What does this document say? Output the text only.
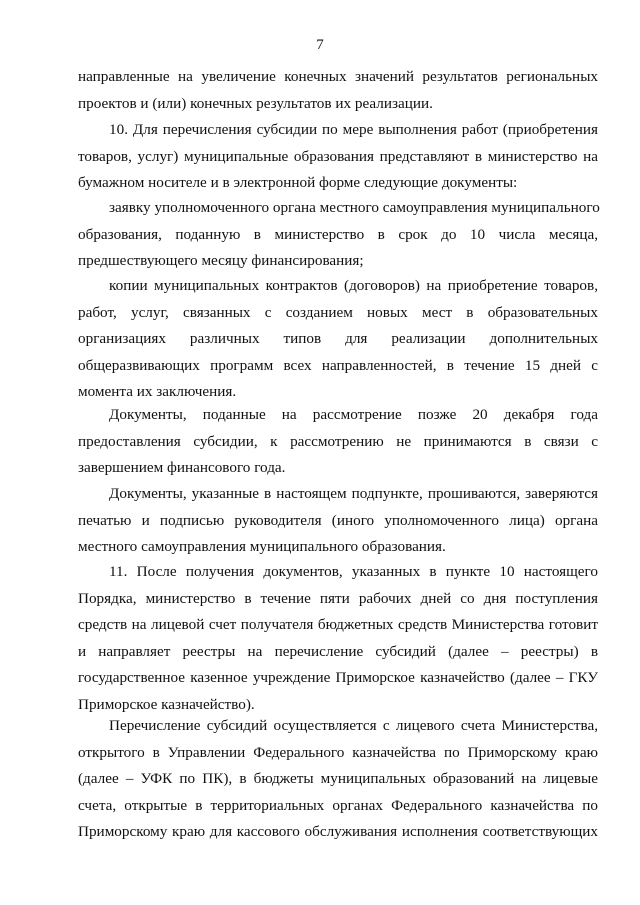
7
направленные на увеличение конечных значений результатов региональных
проектов и (или) конечных результатов их реализации.
10. Для перечисления субсидии по мере выполнения работ (приобретения
товаров, услуг) муниципальные образования представляют в министерство на
бумажном носителе и в электронной форме следующие документы:
заявку уполномоченного органа местного самоуправления муниципального
образования, поданную в министерство в срок до 10 числа месяца,
предшествующего месяцу финансирования;
копии муниципальных контрактов (договоров) на приобретение товаров,
работ, услуг, связанных с созданием новых мест в образовательных
организациях различных типов для реализации дополнительных
общеразвивающих программ всех направленностей, в течение 15 дней с
момента их заключения.
Документы, поданные на рассмотрение позже 20 декабря года
предоставления субсидии, к рассмотрению не принимаются в связи с
завершением финансового года.
Документы, указанные в настоящем подпункте, прошиваются, заверяются
печатью и подписью руководителя (иного уполномоченного лица) органа
местного самоуправления муниципального образования.
11. После получения документов, указанных в пункте 10 настоящего
Порядка, министерство в течение пяти рабочих дней со дня поступления
средств на лицевой счет получателя бюджетных средств Министерства готовит
и направляет реестры на перечисление субсидий (далее – реестры) в
государственное казенное учреждение Приморское казначейство (далее – ГКУ
Приморское казначейство).
Перечисление субсидий осуществляется с лицевого счета Министерства,
открытого в Управлении Федерального казначейства по Приморскому краю
(далее – УФК по ПК), в бюджеты муниципальных образований на лицевые
счета, открытые в территориальных органах Федерального казначейства по
Приморскому краю для кассового обслуживания исполнения соответствующих
